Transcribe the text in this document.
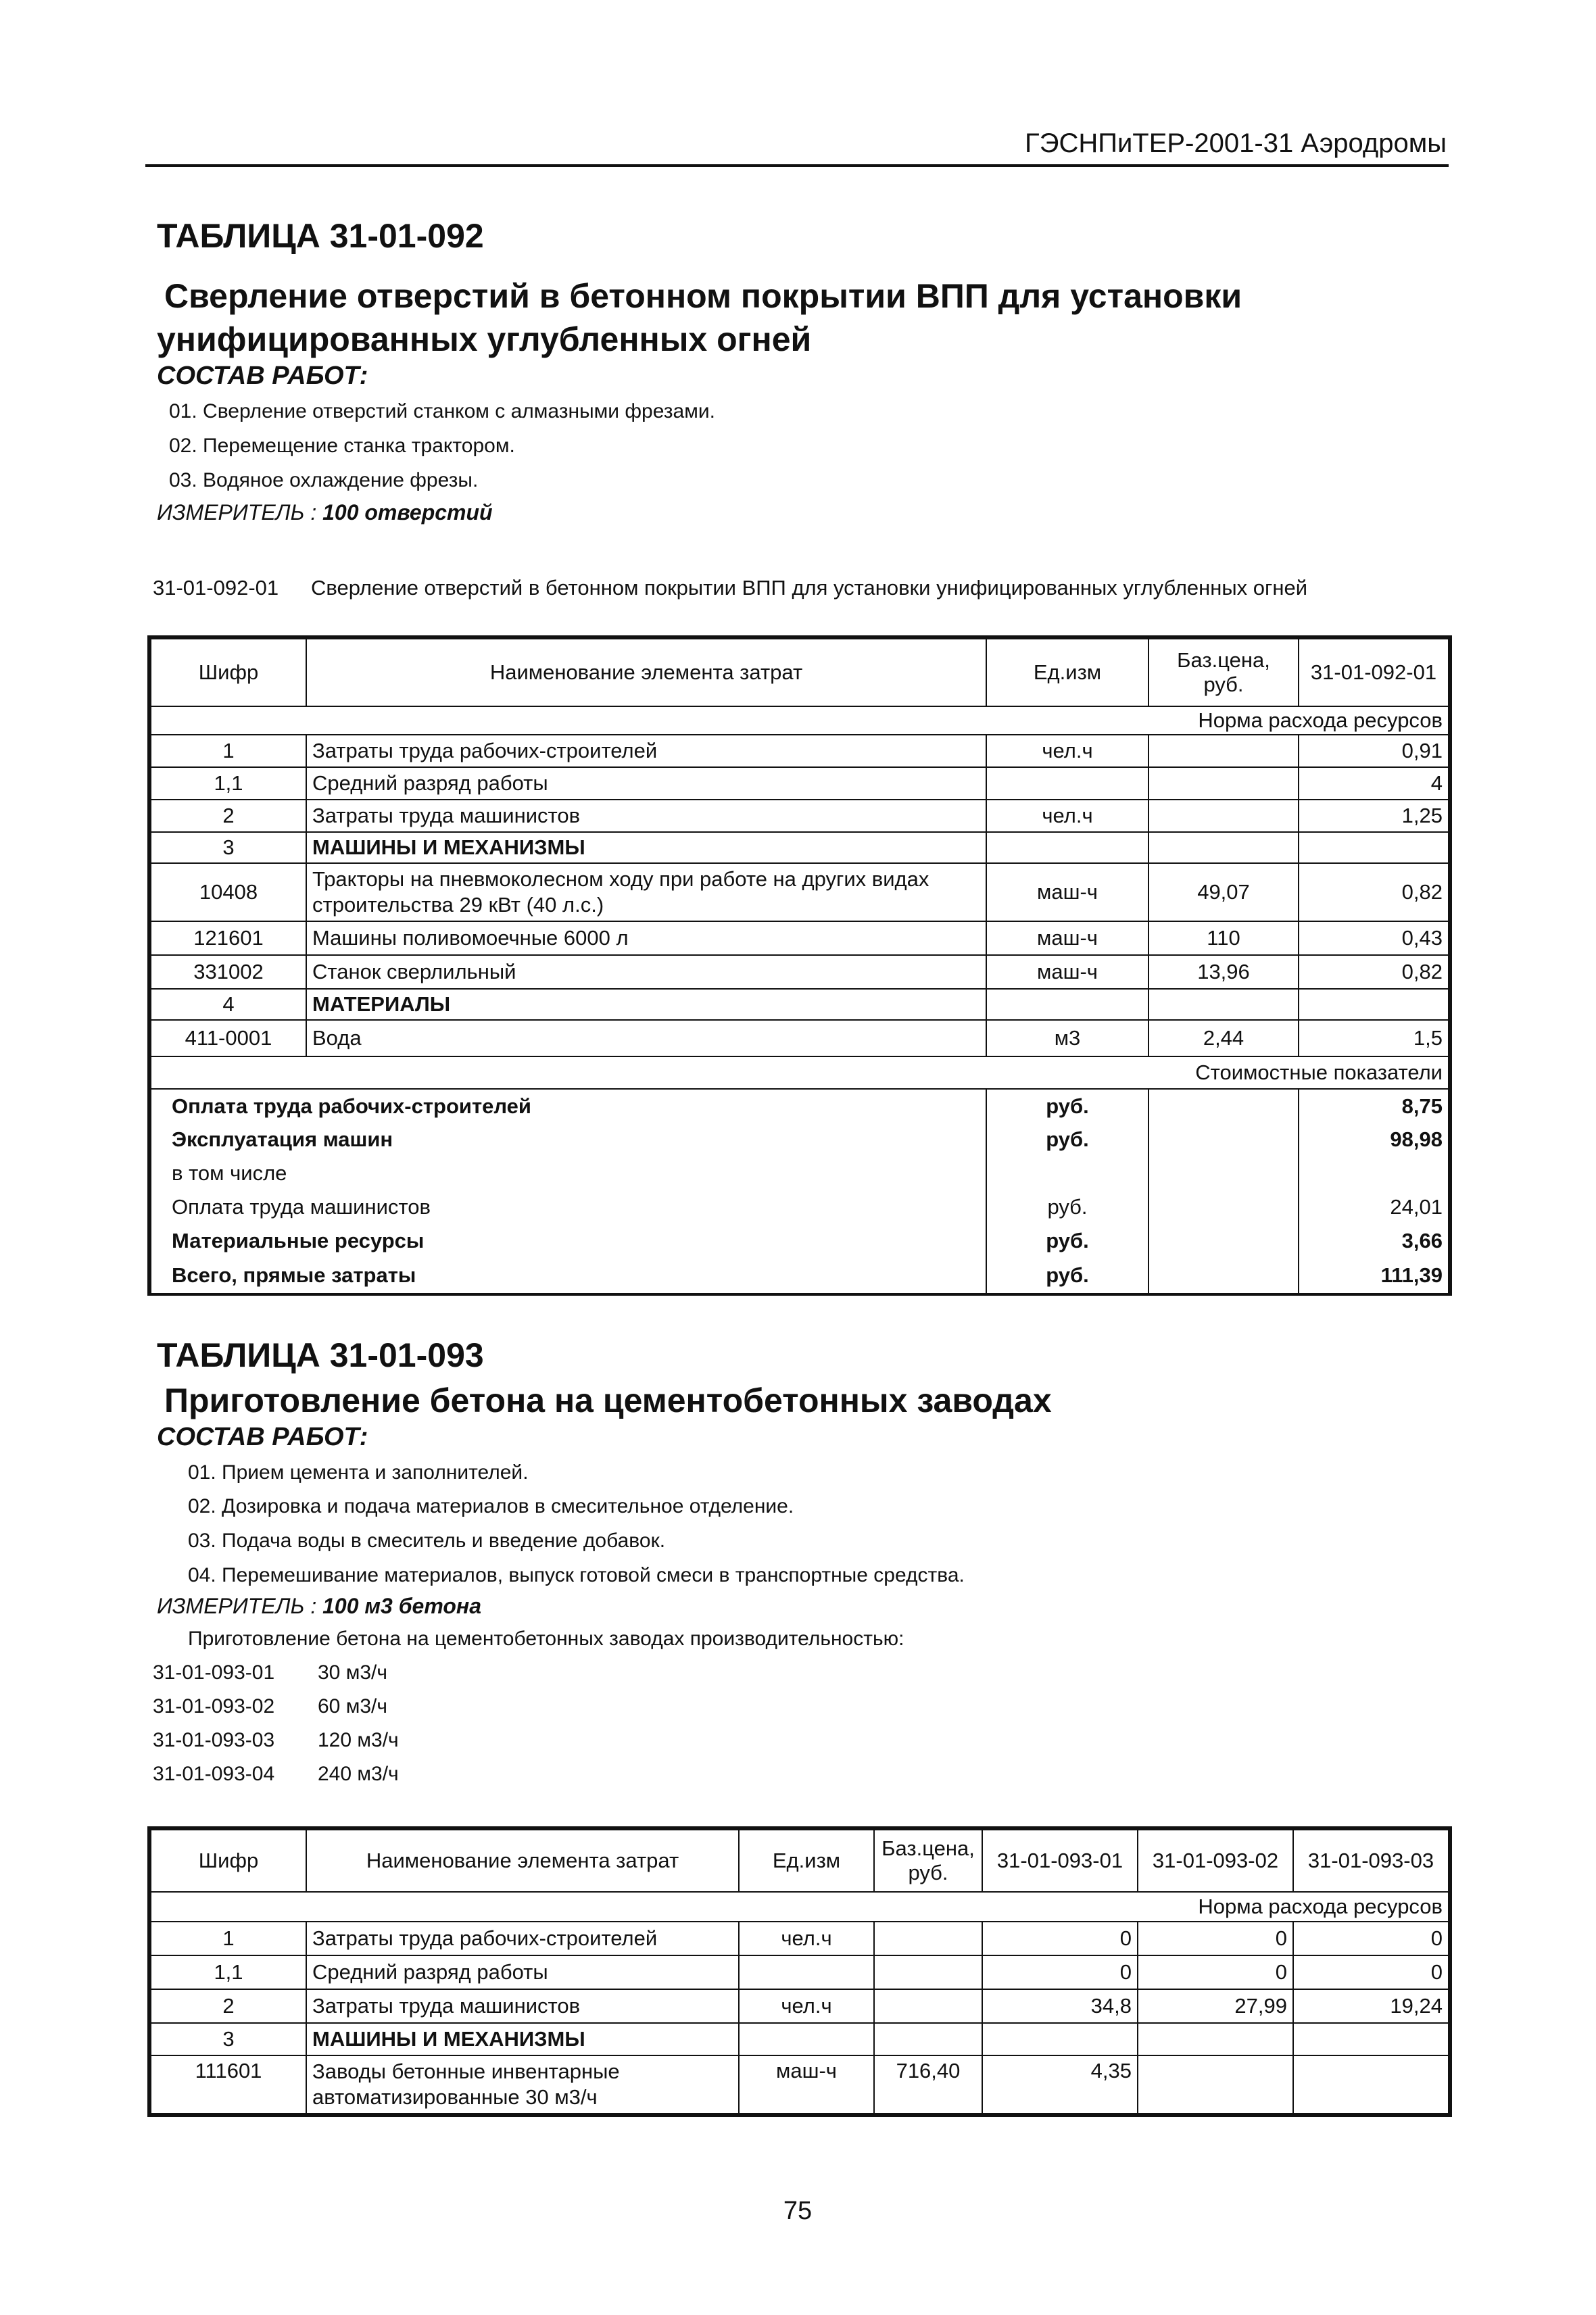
ГЭСНПиТЕР-2001-31 Аэродромы
ТАБЛИЦА 31-01-092
Сверление отверстий в бетонном покрытии ВПП для установки
унифицированных углубленных огней
СОСТАВ РАБОТ:
01. Сверление отверстий станком с алмазными фрезами.
02. Перемещение станка трактором.
03. Водяное охлаждение фрезы.
ИЗМЕРИТЕЛЬ : 100 отверстий
31-01-092-01 Сверление отверстий в бетонном покрытии ВПП для установки унифицированных углубленных огней
Шифр	Наименование элемента затрат	Ед.изм	Баз.цена,
руб.	31-01-092-01
Норма расхода ресурсов				
1	Затраты труда рабочих-строителей	чел.ч		0,91
1,1	Средний разряд работы			4
2	Затраты труда машинистов	чел.ч		1,25
3	МАШИНЫ И МЕХАНИЗМЫ			
10408	Тракторы на пневмоколесном ходу при работе на других видах строительства 29 кВт (40 л.с.)	маш-ч	49,07	0,82
121601	Машины поливомоечные 6000 л	маш-ч	110	0,43
331002	Станок сверлильный	маш-ч	13,96	0,82
4	МАТЕРИАЛЫ			
411-0001	Вода	м3	2,44	1,5
Стоимостные показатели				
Оплата труда рабочих-строителей		руб.		8,75
Эксплуатация машин		руб.		98,98
в том числе				
Оплата труда машинистов		руб.		24,01
Материальные ресурсы		руб.		3,66
Всего, прямые затраты		руб.		111,39
ТАБЛИЦА 31-01-093
Приготовление бетона на цементобетонных заводах
СОСТАВ РАБОТ:
01. Прием цемента и заполнителей.
02. Дозировка и подача материалов в смесительное отделение.
03. Подача воды в смеситель и введение добавок.
04. Перемешивание материалов, выпуск готовой смеси в транспортные средства.
ИЗМЕРИТЕЛЬ : 100 м3 бетона
Приготовление бетона на цементобетонных заводах производительностью:
31-01-093-01 30 м3/ч
31-01-093-02 60 м3/ч
31-01-093-03 120 м3/ч
31-01-093-04 240 м3/ч
Шифр	Наименование элемента затрат	Ед.изм	Баз.цена,
руб.	31-01-093-01	31-01-093-02	31-01-093-03
Норма расхода ресурсов						
1	Затраты труда рабочих-строителей	чел.ч		0	0	0
1,1	Средний разряд работы			0	0	0
2	Затраты труда машинистов	чел.ч		34,8	27,99	19,24
3	МАШИНЫ И МЕХАНИЗМЫ					
111601	Заводы бетонные инвентарные автоматизированные 30 м3/ч	маш-ч	716,40	4,35		
75
